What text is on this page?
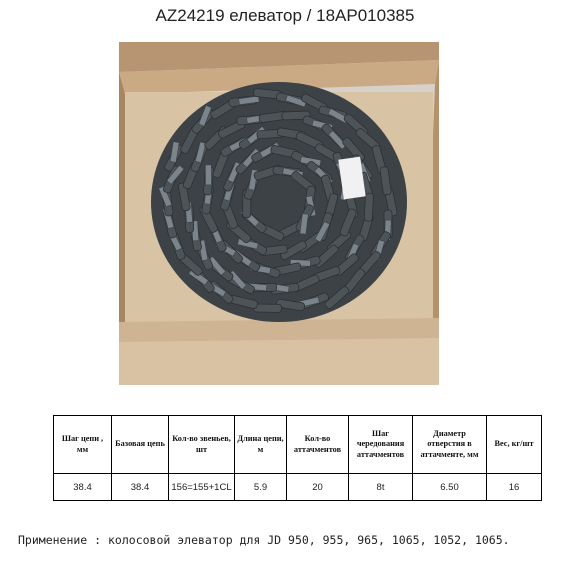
AZ24219 елеватор / 18AP010385
Шаг цепи , мм	Базовая цепь	Кол-во звеньев, шт	Длина цепи, м	Кол-во аттачментов	Шаг чередования аттачментов	Диаметр отверстия в аттачменте, мм	Вес, кг/шт
38.4	38.4	156=155+1CL	5.9	20	8t	6.50	16
Применение : колосовой элеватор для JD 950, 955, 965, 1065, 1052, 1065.
